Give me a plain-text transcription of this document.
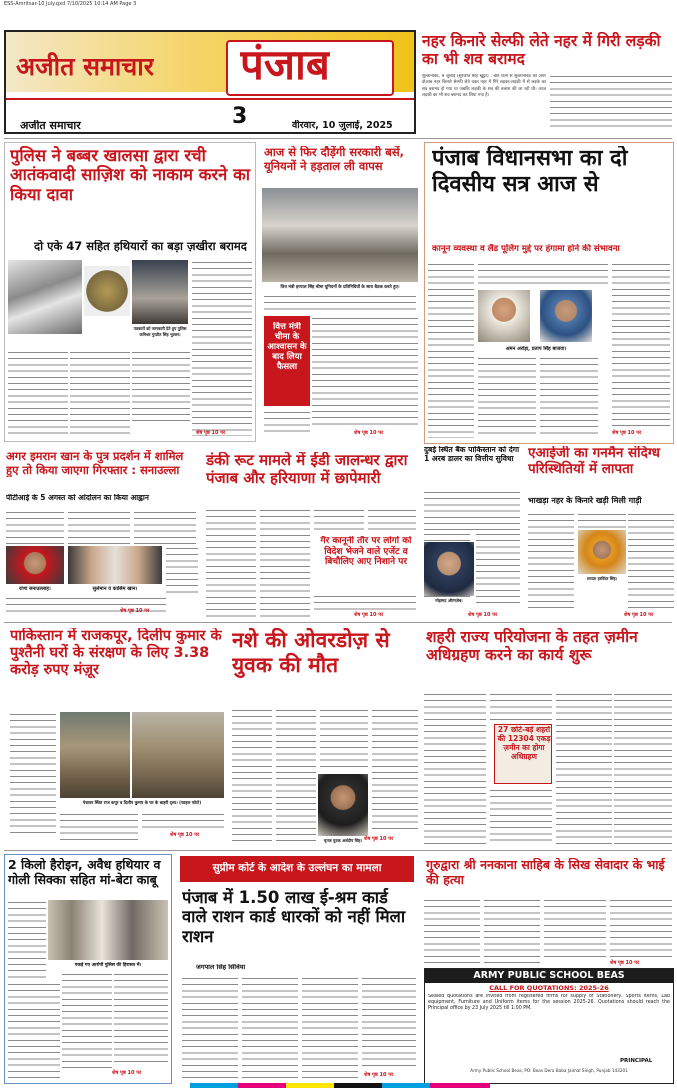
ESS-Amritsar-10 July.qxd 7/10/2025 10:14 AM Page 3
अजीत समाचार पंजाब
3
अजीत समाचार	वीरवार, 10 जुलाई, 2025
नहर किनारे सेल्फी लेते नहर में गिरी लड़की का भी शव बरामद
सुल्तानविंड, 9 जुलाई (सुरजीत सिंह खुट्टर) : बीते दिनों से सुल्तानविंड की अपर दोआब नहर किनारे सेल्फी लेते वक्त नहर में गिरे लड़का-लड़की में से लड़के का शव बरामद हो गया था जबकि लड़की के शव की तलाश की जा रही थी। आज लड़की का भी शव बरामद कर लिया गया है।
पुलिस ने बब्बर खालसा द्वारा रची आतंकवादी साज़िश को नाकाम करने का किया दावा
दो एके 47 सहित हथियारों का बड़ा ज़खीरा बरामद
पत्रकारों को जानकारी देते हुए पुलिस कमिश्नर गुरप्रीत सिंह भुल्लर।
शेष पृष्ठ 10 पर
आज से फिर दौड़ेंगी सरकारी बसें, यूनियनों ने हड़ताल ली वापस
वित्त मंत्री हरपाल सिंह चीमा यूनियनों के प्रतिनिधियों के साथ बैठक करते हुए।
वित्त मंत्री चीमा के आश्वासन के बाद लिया फैसला
शेष पृष्ठ 10 पर
पंजाब विधानसभा का दो दिवसीय सत्र आज से
कानून व्यवस्था व लैंड पूलिंग मुद्दे पर हंगामा होने की संभावना
अमन अरोड़ा, प्रताप सिंह बाजवा।
शेष पृष्ठ 10 पर
अगर इमरान खान के पुत्र प्रदर्शन में शामिल हुए तो किया जाएगा गिरफ्तार : सनाउल्ला
पीटीआई के 5 अगस्त को आंदोलन का किया आह्वान
राणा सनाउल्लाह।	सुलेमान व कासिम खान।
शेष पृष्ठ 10 पर
डंकी रूट मामले में ईडी जालन्धर द्वारा पंजाब और हरियाणा में छापेमारी
गैर कानूनी तौर पर लोगों को विदेश भेजने वाले एजेंट व बिचौलिए आए निशाने पर
शेष पृष्ठ 10 पर
दुबई स्थित बैंक पाकिस्तान को देगा 1 अरब डालर का वित्तीय सुविधा
मोहम्मद औरंगज़ेब।
शेष पृष्ठ 10 पर
एआईजी का गनमैन संदिग्ध परिस्थितियों में लापता
भाखड़ा नहर के किनारे खड़ी मिली गाड़ी
लापता हरविंदर सिंह।
शेष पृष्ठ 10 पर
पाकिस्तान में राजकपूर, दिलीप कुमार के पुश्तैनी घरों के संरक्षण के लिए 3.38 करोड़ रुपए मंज़ूर
पेशावर स्थित राज कपूर व दिलीप कुमार के घर के बाहरी दृश्य। (फाइल फोटो)
शेष पृष्ठ 10 पर
नशे की ओवरडोज़ से युवक की मौत
मृतक युवक अर्शदीप सिंह। शेष पृष्ठ 10 पर
शहरी राज्य परियोजना के तहत ज़मीन अधिग्रहण करने का कार्य शुरू
27 छोटे-बड़े शहरों की 12304 एकड़ ज़मीन का होगा अधिग्रहण
2 किलो हैरोइन, अवैध हथियार व गोली सिक्का सहित मां-बेटा काबू
पकड़े गए आरोपी पुलिस की हिरासत में।
शेष पृष्ठ 10 पर
सुप्रीम कोर्ट के आदेश के उल्लंघन का मामला
पंजाब में 1.50 लाख ई-श्रम कार्ड वाले राशन कार्ड धारकों को नहीं मिला राशन
जगपाल सिंह सिविया
शेष पृष्ठ 10 पर
गुरुद्वारा श्री ननकाना साहिब के सिख सेवादार के भाई की हत्या
शेष पृष्ठ 10 पर
ARMY PUBLIC SCHOOL BEAS
CALL FOR QUOTATIONS: 2025-26
Sealed quotations are invited from registered firms for supply of Stationery, Sports items, Lab equipment, Furniture and Uniform items for the session 2025-26. Quotations should reach the Principal office by 23 July 2025 till 1:00 PM.
PRINCIPAL
Army Public School Beas, PO: Beas Dera Baba Jaimal Singh, Punjab 143201
